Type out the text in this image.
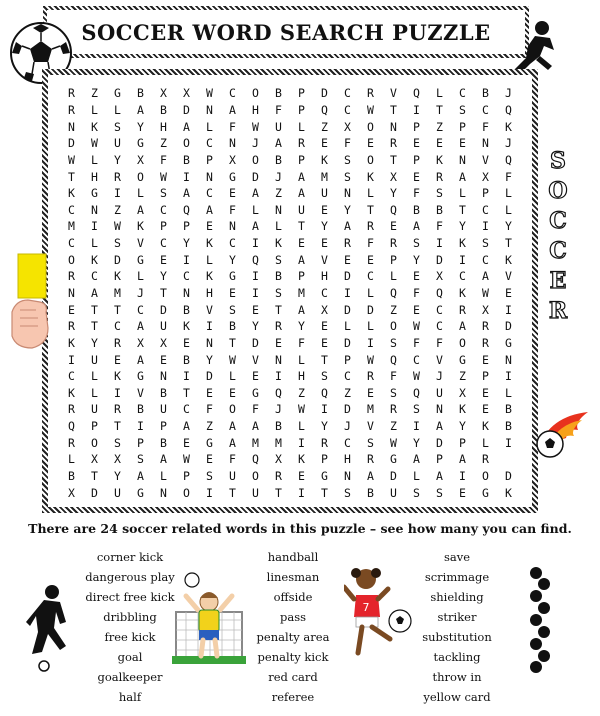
SOCCER WORD SEARCH PUZZLE
R	Z	G	B	X	X	W	C	O	B	P	D	C	R	V	Q	L	C	B	J
R	L	L	A	B	D	N	A	H	F	P	Q	C	W	T	I	T	S	C	Q
N	K	S	Y	H	A	L	F	W	U	L	Z	X	O	N	P	Z	P	F	K
D	W	U	G	Z	O	C	N	J	A	R	E	F	E	R	E	E	E	N	J
W	L	Y	X	F	B	P	X	O	B	P	K	S	O	T	P	K	N	V	Q
T	H	R	O	W	I	N	G	D	J	A	M	S	K	X	E	R	A	X	F
K	G	I	L	S	A	C	E	A	Z	A	U	N	L	Y	F	S	L	P	L
C	N	Z	A	C	Q	A	F	L	N	U	E	Y	T	Q	B	B	T	C	L
M	I	W	K	P	P	E	N	A	L	T	Y	A	R	E	A	F	Y	I	Y
C	L	S	V	C	Y	K	C	I	K	E	E	R	F	R	S	I	K	S	T
O	K	D	G	E	I	L	Y	Q	S	A	V	E	E	P	Y	D	I	C	K
R	C	K	L	Y	C	K	G	I	B	P	H	D	C	L	E	X	C	A	V
N	A	M	J	T	N	H	E	I	S	M	C	I	L	Q	F	Q	K	W	E
E	T	T	C	D	B	V	S	E	T	A	X	D	D	Z	E	C	R	X	I
R	T	C	A	U	K	I	B	Y	R	Y	E	L	L	O	W	C	A	R	D
K	Y	R	X	X	E	N	T	D	E	F	E	D	I	S	F	F	O	R	G
I	U	E	A	E	B	Y	W	V	N	L	T	P	W	Q	C	V	G	E	N
C	L	K	G	N	I	D	L	E	I	H	S	C	R	F	W	J	Z	P	I
K	L	I	V	B	T	E	E	G	Q	Z	Q	Z	E	S	Q	U	X	E	L
R	U	R	B	U	C	F	O	F	J	W	I	D	M	R	S	N	K	E	B
Q	P	T	I	P	A	Z	A	A	B	L	Y	J	V	Z	I	A	Y	K	B
R	O	S	P	B	E	G	A	M	M	I	R	C	S	W	Y	D	P	L	I
L	X	X	S	A	W	E	F	Q	X	K	P	H	R	G	A	P	A	R
B	T	Y	A	L	P	S	U	O	R	E	G	N	A	D	L	A	I	O	D
X	D	U	G	N	O	I	T	U	T	I	T	S	B	U	S	S	E	G	K
S
O
C
C
E
R
There are 24 soccer related words in this puzzle – see how many you can find.
corner kick
dangerous play
direct free kick
dribbling
free kick
goal
goalkeeper
half
handball
linesman
offside
pass
penalty area
penalty kick
red card
referee
save
scrimmage
shielding
striker
substitution
tackling
throw in
yellow card
7
